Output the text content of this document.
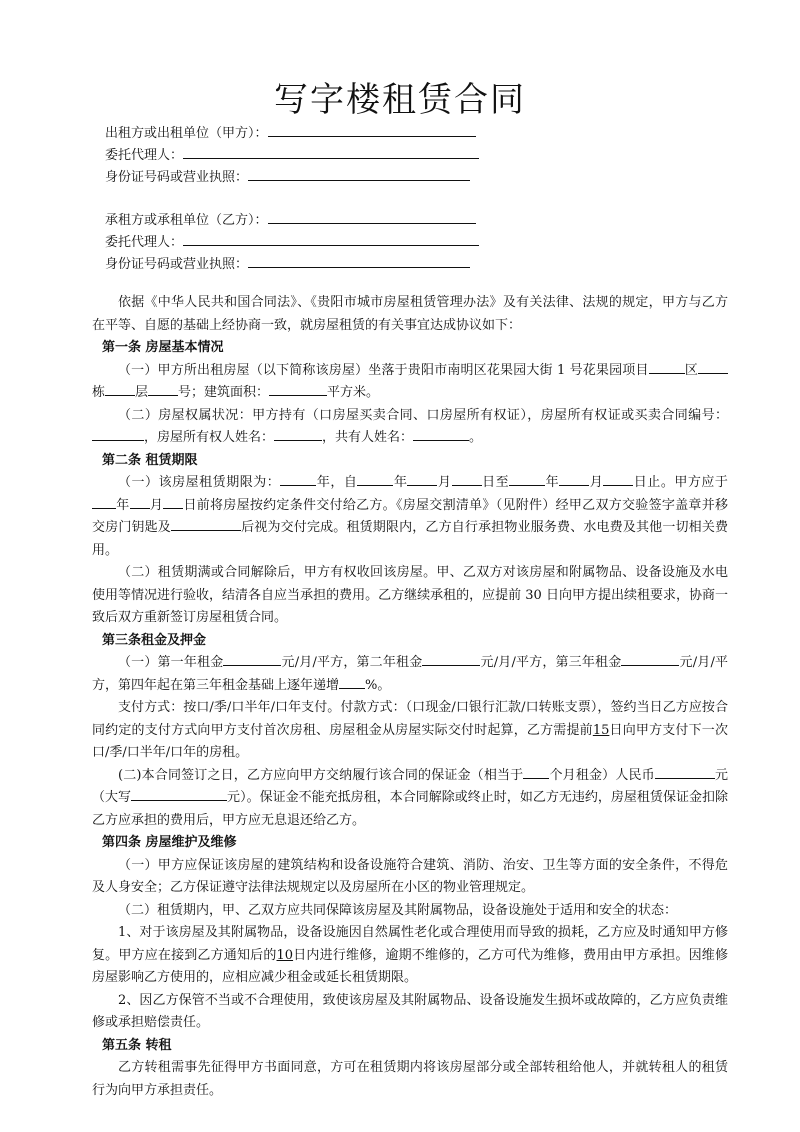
写字楼租赁合同
出租方或出租单位（甲方）：
委托代理人：
身份证号码或营业执照：
承租方或承租单位（乙方）：
委托代理人：
身份证号码或营业执照：

依据《中华人民共和国合同法》、《贵阳市城市房屋租赁管理办法》及有关法律、法规的规定，甲方与乙方在平等、自愿的基础上经协商一致，就房屋租赁的有关事宜达成协议如下：

第一条 房屋基本情况

（一）甲方所出租房屋（以下简称该房屋）坐落于贵阳市南明区花果园大街 1 号花果园项目	区栋 层 号；建筑面积：	平方米。

（二）房屋权属状况：甲方持有（口房屋买卖合同、口房屋所有权证），房屋所有权证或买卖合同编号：，房屋所有权人姓名：	，共有人姓名：	。

第二条 租赁期限

（一）该房屋租赁期限为：	年，自	年 月 日至	年 月 日止。甲方应于年 月 日前将房屋按约定条件交付给乙方。《房屋交割清单》（见附件）经甲乙双方交验签字盖章并移交房门钥匙及	后视为交付完成。租赁期限内，乙方自行承担物业服务费、水电费及其他一切相关费用。

（二）租赁期满或合同解除后，甲方有权收回该房屋。甲、乙双方对该房屋和附属物品、设备设施及水电使用等情况进行验收，结清各自应当承担的费用。乙方继续承租的，应提前 30 日向甲方提出续租要求，协商一致后双方重新签订房屋租赁合同。

第三条租金及押金

（一）第一年租金	元/月/平方，第二年租金	元/月/平方，第三年租金	元/月/平方，第四年起在第三年租金基础上逐年递增 %。

支付方式：按口/季/口半年/口年支付。付款方式：（口现金/口银行汇款/口转账支票），签约当日乙方应按合同约定的支付方式向甲方支付首次房租、房屋租金从房屋实际交付时起算，乙方需提前15日向甲方支付下一次口/季/口半年/口年的房租。

(二)本合同签订之日，乙方应向甲方交纳履行该合同的保证金（相当于 个月租金）人民币	元（大写	元）。保证金不能充抵房租，本合同解除或终止时，如乙方无违约，房屋租赁保证金扣除乙方应承担的费用后，甲方应无息退还给乙方。

第四条 房屋维护及维修

（一）甲方应保证该房屋的建筑结构和设备设施符合建筑、消防、治安、卫生等方面的安全条件，不得危及人身安全；乙方保证遵守法律法规规定以及房屋所在小区的物业管理规定。

（二）租赁期内，甲、乙双方应共同保障该房屋及其附属物品，设备设施处于适用和安全的状态：

1、对于该房屋及其附属物品，设备设施因自然属性老化或合理使用而导致的损耗，乙方应及时通知甲方修复。甲方应在接到乙方通知后的10日内进行维修，逾期不维修的，乙方可代为维修，费用由甲方承担。因维修房屋影响乙方使用的，应相应减少租金或延长租赁期限。

2、因乙方保管不当或不合理使用，致使该房屋及其附属物品、设备设施发生损坏或故障的，乙方应负责维修或承担赔偿责任。

第五条 转租

乙方转租需事先征得甲方书面同意，方可在租赁期内将该房屋部分或全部转租给他人，并就转租人的租赁行为向甲方承担责任。
